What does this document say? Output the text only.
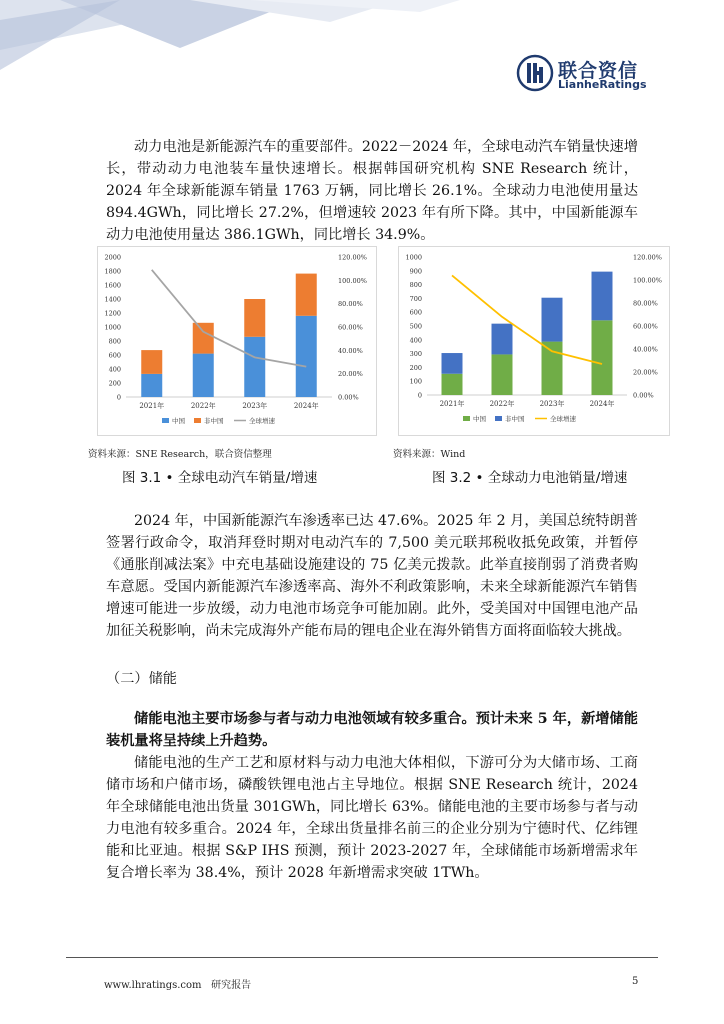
联合资信
LianheRatings

动力电池是新能源汽车的重要部件。2022－2024 年，全球电动汽车销量快速增长，带动动力电池装车量快速增长。根据韩国研究机构 SNE Research 统计，2024 年全球新能源车销量 1763 万辆，同比增长 26.1%。全球动力电池使用量达 894.4GWh，同比增长 27.2%，但增速较 2023 年有所下降。其中，中国新能源车动力电池使用量达 386.1GWh，同比增长 34.9%。

0
200
400
600
800
1000
1200
1400
1600
1800
2000
0.00%
20.00%
40.00%
60.00%
80.00%
100.00%
120.00%
2021年	2022年	2023年	2024年
中国	非中国	全球增速
资料来源：SNE Research，联合资信整理
图 3.1 • 全球电动汽车销量/增速
0
100
200
300
400
500
600
700
800
900
1000
0.00%
20.00%
40.00%
60.00%
80.00%
100.00%
120.00%
2021年	2022年	2023年	2024年
中国	非中国	全球增速
资料来源：Wind
图 3.2 • 全球动力电池销量/增速

2024 年，中国新能源汽车渗透率已达 47.6%。2025 年 2 月，美国总统特朗普签署行政命令，取消拜登时期对电动汽车的 7,500 美元联邦税收抵免政策，并暂停《通胀削减法案》中充电基础设施建设的 75 亿美元拨款。此举直接削弱了消费者购车意愿。受国内新能源汽车渗透率高、海外不利政策影响，未来全球新能源汽车销售增速可能进一步放缓，动力电池市场竞争可能加剧。此外，受美国对中国锂电池产品加征关税影响，尚未完成海外产能布局的锂电企业在海外销售方面将面临较大挑战。

（二）储能

储能电池主要市场参与者与动力电池领域有较多重合。预计未来 5 年，新增储能装机量将呈持续上升趋势。

储能电池的生产工艺和原材料与动力电池大体相似，下游可分为大储市场、工商储市场和户储市场，磷酸铁锂电池占主导地位。根据 SNE Research 统计，2024 年全球储能电池出货量 301GWh，同比增长 63%。储能电池的主要市场参与者与动力电池有较多重合。2024 年，全球出货量排名前三的企业分别为宁德时代、亿纬锂能和比亚迪。根据 S&P IHS 预测，预计 2023-2027 年，全球储能市场新增需求年复合增长率为 38.4%，预计 2028 年新增需求突破 1TWh。

www.lhratings.com 研究报告	5
